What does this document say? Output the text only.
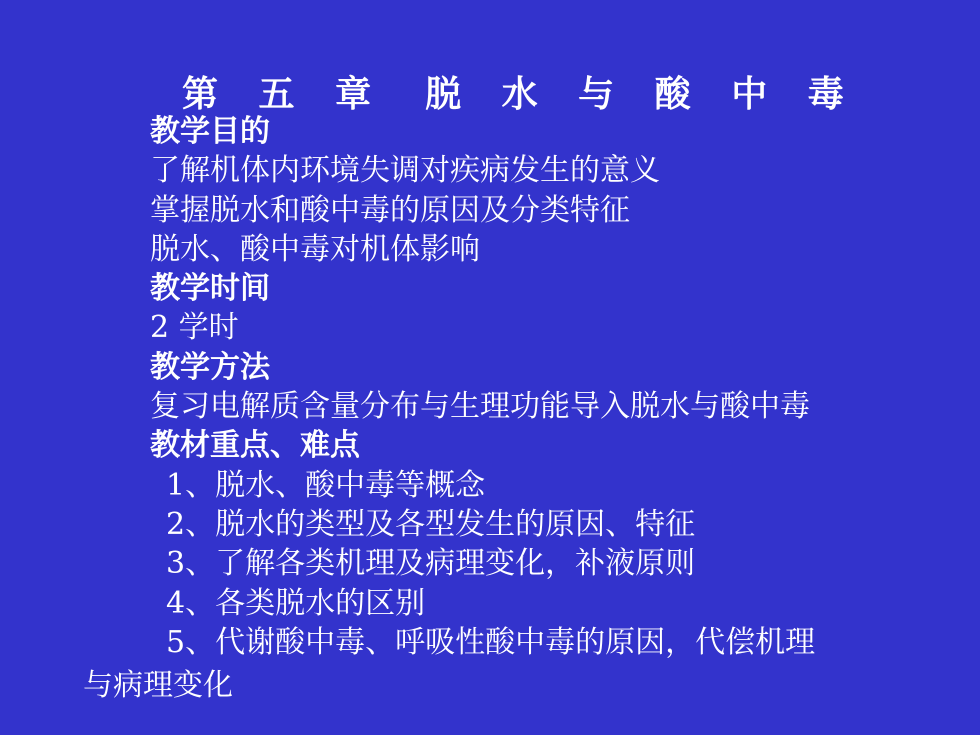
第 五 章 脱 水 与 酸 中 毒
教学目的
了解机体内环境失调对疾病发生的意义
掌握脱水和酸中毒的原因及分类特征
脱水、酸中毒对机体影响
教学时间
2 学时
教学方法
复习电解质含量分布与生理功能导入脱水与酸中毒
教材重点、难点
1、脱水、酸中毒等概念
2、脱水的类型及各型发生的原因、特征
3、了解各类机理及病理变化，补液原则
4、各类脱水的区别
5、代谢酸中毒、呼吸性酸中毒的原因，代偿机理
与病理变化
